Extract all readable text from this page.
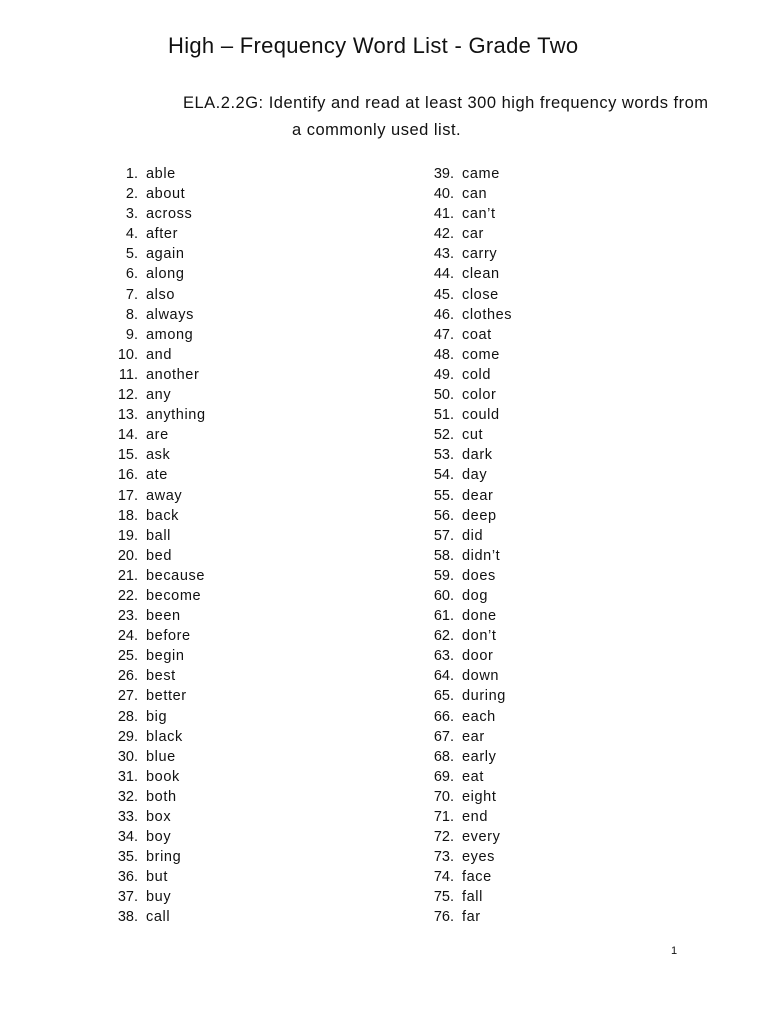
High – Frequency Word List - Grade Two
ELA.2.2G: Identify and read at least 300 high frequency words from
a commonly used list.
1. able
2. about
3. across
4. after
5. again
6. along
7. also
8. always
9. among
10. and
11. another
12. any
13. anything
14. are
15. ask
16. ate
17. away
18. back
19. ball
20. bed
21. because
22. become
23. been
24. before
25. begin
26. best
27. better
28. big
29. black
30. blue
31. book
32. both
33. box
34. boy
35. bring
36. but
37. buy
38. call
39. came
40. can
41. can’t
42. car
43. carry
44. clean
45. close
46. clothes
47. coat
48. come
49. cold
50. color
51. could
52. cut
53. dark
54. day
55. dear
56. deep
57. did
58. didn’t
59. does
60. dog
61. done
62. don’t
63. door
64. down
65. during
66. each
67. ear
68. early
69. eat
70. eight
71. end
72. every
73. eyes
74. face
75. fall
76. far
1
